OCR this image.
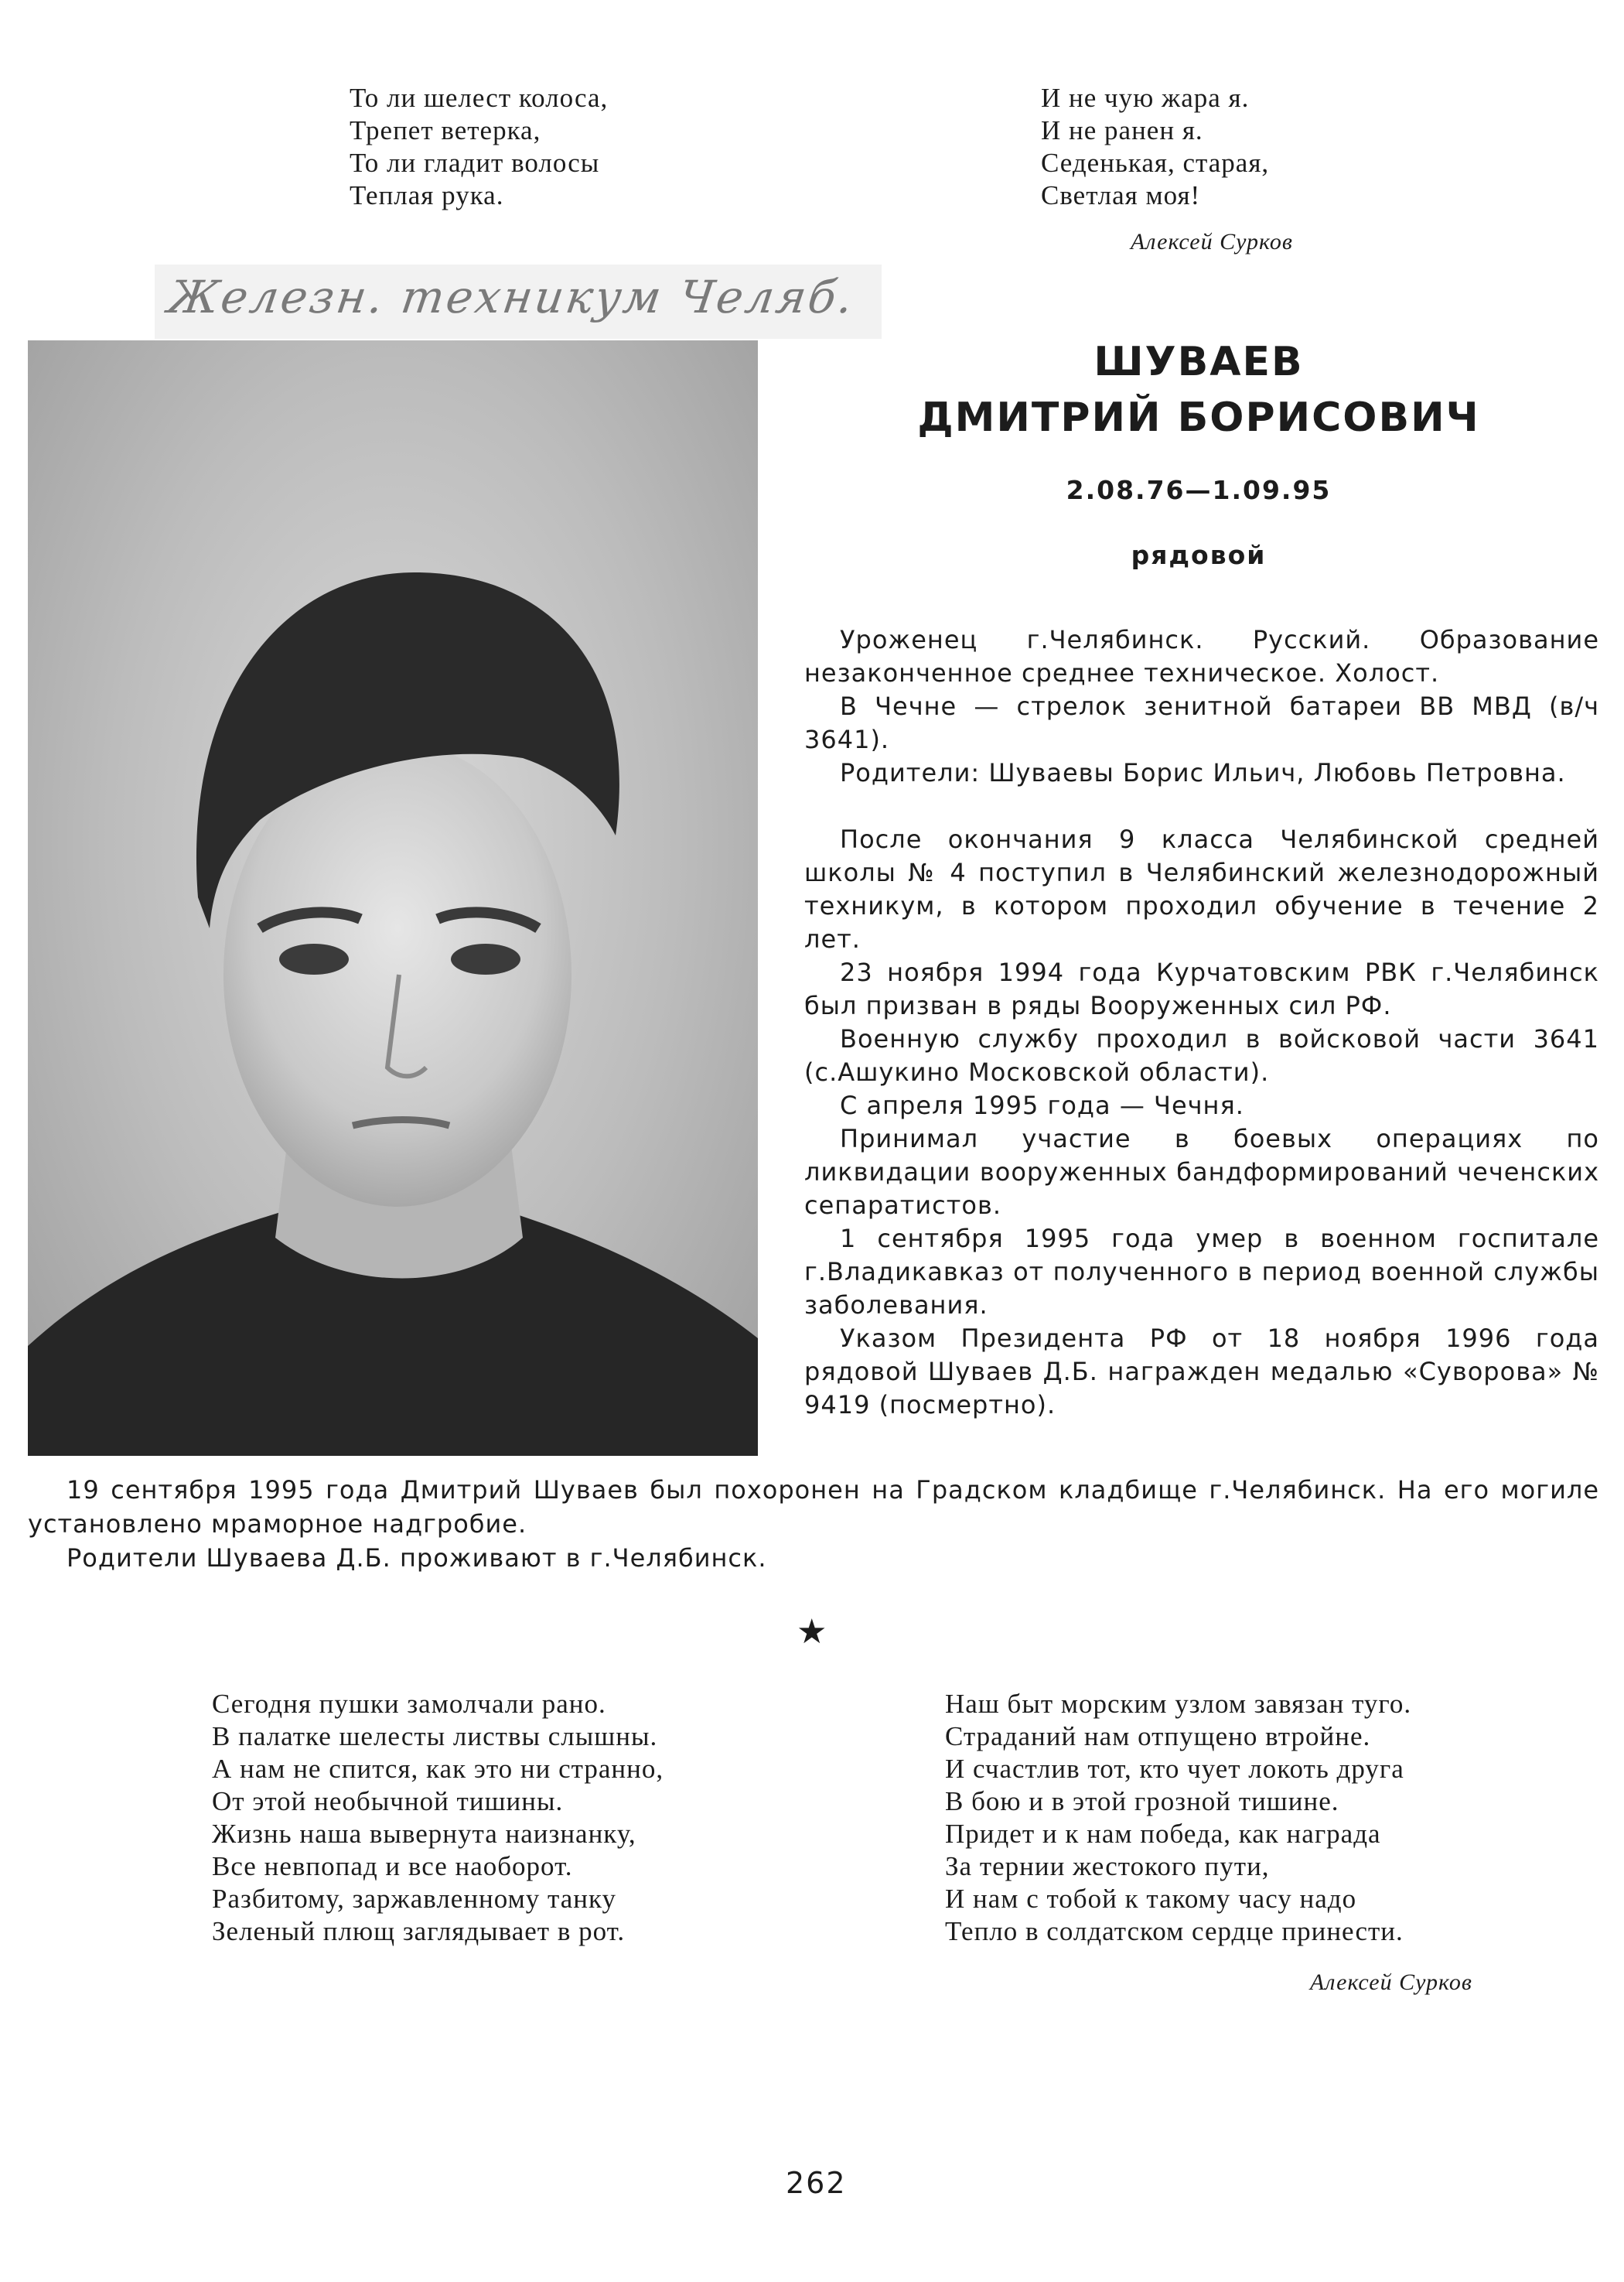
То ли шелест колоса,
Трепет ветерка,
То ли гладит волосы
Теплая рука.
И не чую жара я.
И не ранен я.
Седенькая, старая,
Светлая моя!
Алексей Сурков
Железн. техникум Челяб.
ШУВАЕВ
ДМИТРИЙ БОРИСОВИЧ
2.08.76—1.09.95
рядовой

Уроженец г.Челябинск. Русский. Образование незаконченное среднее техническое. Холост.

В Чечне — стрелок зенитной батареи ВВ МВД (в/ч 3641).

Родители: Шуваевы Борис Ильич, Любовь Петровна.

После окончания 9 класса Челябинской средней школы № 4 поступил в Челябинский железнодорожный техникум, в котором проходил обучение в течение 2 лет.

23 ноября 1994 года Курчатовским РВК г.Челябинск был призван в ряды Вооруженных сил РФ.

Военную службу проходил в войсковой части 3641 (с.Ашукино Московской области).

С апреля 1995 года — Чечня.

Принимал участие в боевых операциях по ликвидации вооруженных бандформирований чеченских сепаратистов.

1 сентября 1995 года умер в военном госпитале г.Владикавказ от полученного в период военной службы заболевания.

Указом Президента РФ от 18 ноября 1996 года рядовой Шуваев Д.Б. награжден медалью «Суворова» № 9419 (посмертно).

19 сентября 1995 года Дмитрий Шуваев был похоронен на Градском кладбище г.Челябинск. На его могиле установлено мраморное надгробие.

Родители Шуваева Д.Б. проживают в г.Челябинск.

★
Сегодня пушки замолчали рано.
В палатке шелесты листвы слышны.
А нам не спится, как это ни странно,
От этой необычной тишины.
Жизнь наша вывернута наизнанку,
Все невпопад и все наоборот.
Разбитому, заржавленному танку
Зеленый плющ заглядывает в рот.
Наш быт морским узлом завязан туго.
Страданий нам отпущено втройне.
И счастлив тот, кто чует локоть друга
В бою и в этой грозной тишине.
Придет и к нам победа, как награда
За тернии жестокого пути,
И нам с тобой к такому часу надо
Тепло в солдатском сердце принести.
Алексей Сурков
262
